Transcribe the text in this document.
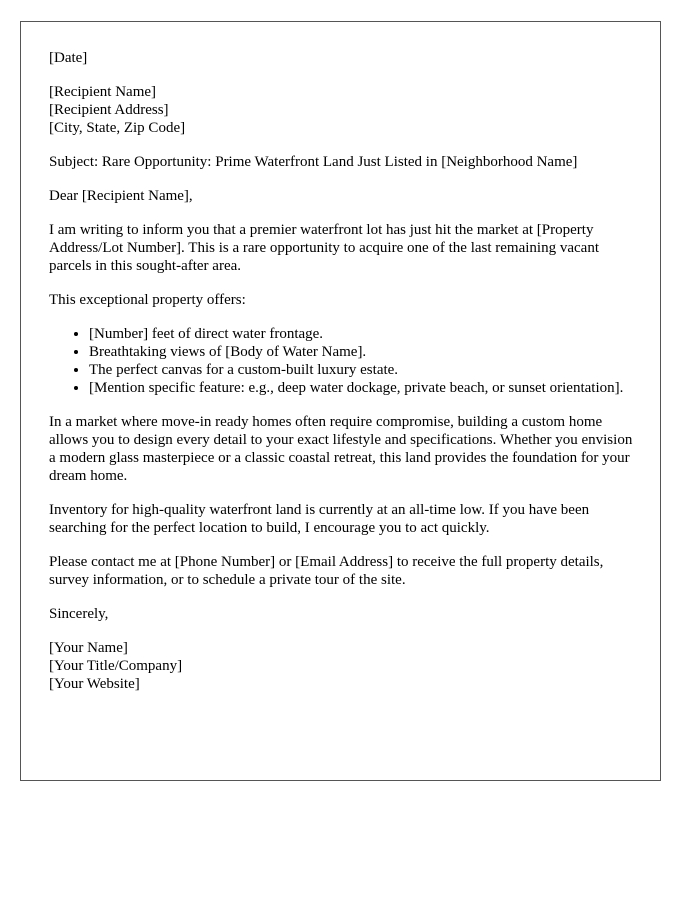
[Date]

[Recipient Name]
[Recipient Address]
[City, State, Zip Code]

Subject: Rare Opportunity: Prime Waterfront Land Just Listed in [Neighborhood Name]

Dear [Recipient Name],

I am writing to inform you that a premier waterfront lot has just hit the market at [Property Address/Lot Number]. This is a rare opportunity to acquire one of the last remaining vacant parcels in this sought-after area.

This exceptional property offers:

• [Number] feet of direct water frontage.
• Breathtaking views of [Body of Water Name].
• The perfect canvas for a custom-built luxury estate.
• [Mention specific feature: e.g., deep water dockage, private beach, or sunset orientation].

In a market where move-in ready homes often require compromise, building a custom home allows you to design every detail to your exact lifestyle and specifications. Whether you envision a modern glass masterpiece or a classic coastal retreat, this land provides the foundation for your dream home.

Inventory for high-quality waterfront land is currently at an all-time low. If you have been searching for the perfect location to build, I encourage you to act quickly.

Please contact me at [Phone Number] or [Email Address] to receive the full property details, survey information, or to schedule a private tour of the site.

Sincerely,

[Your Name]
[Your Title/Company]
[Your Website]
